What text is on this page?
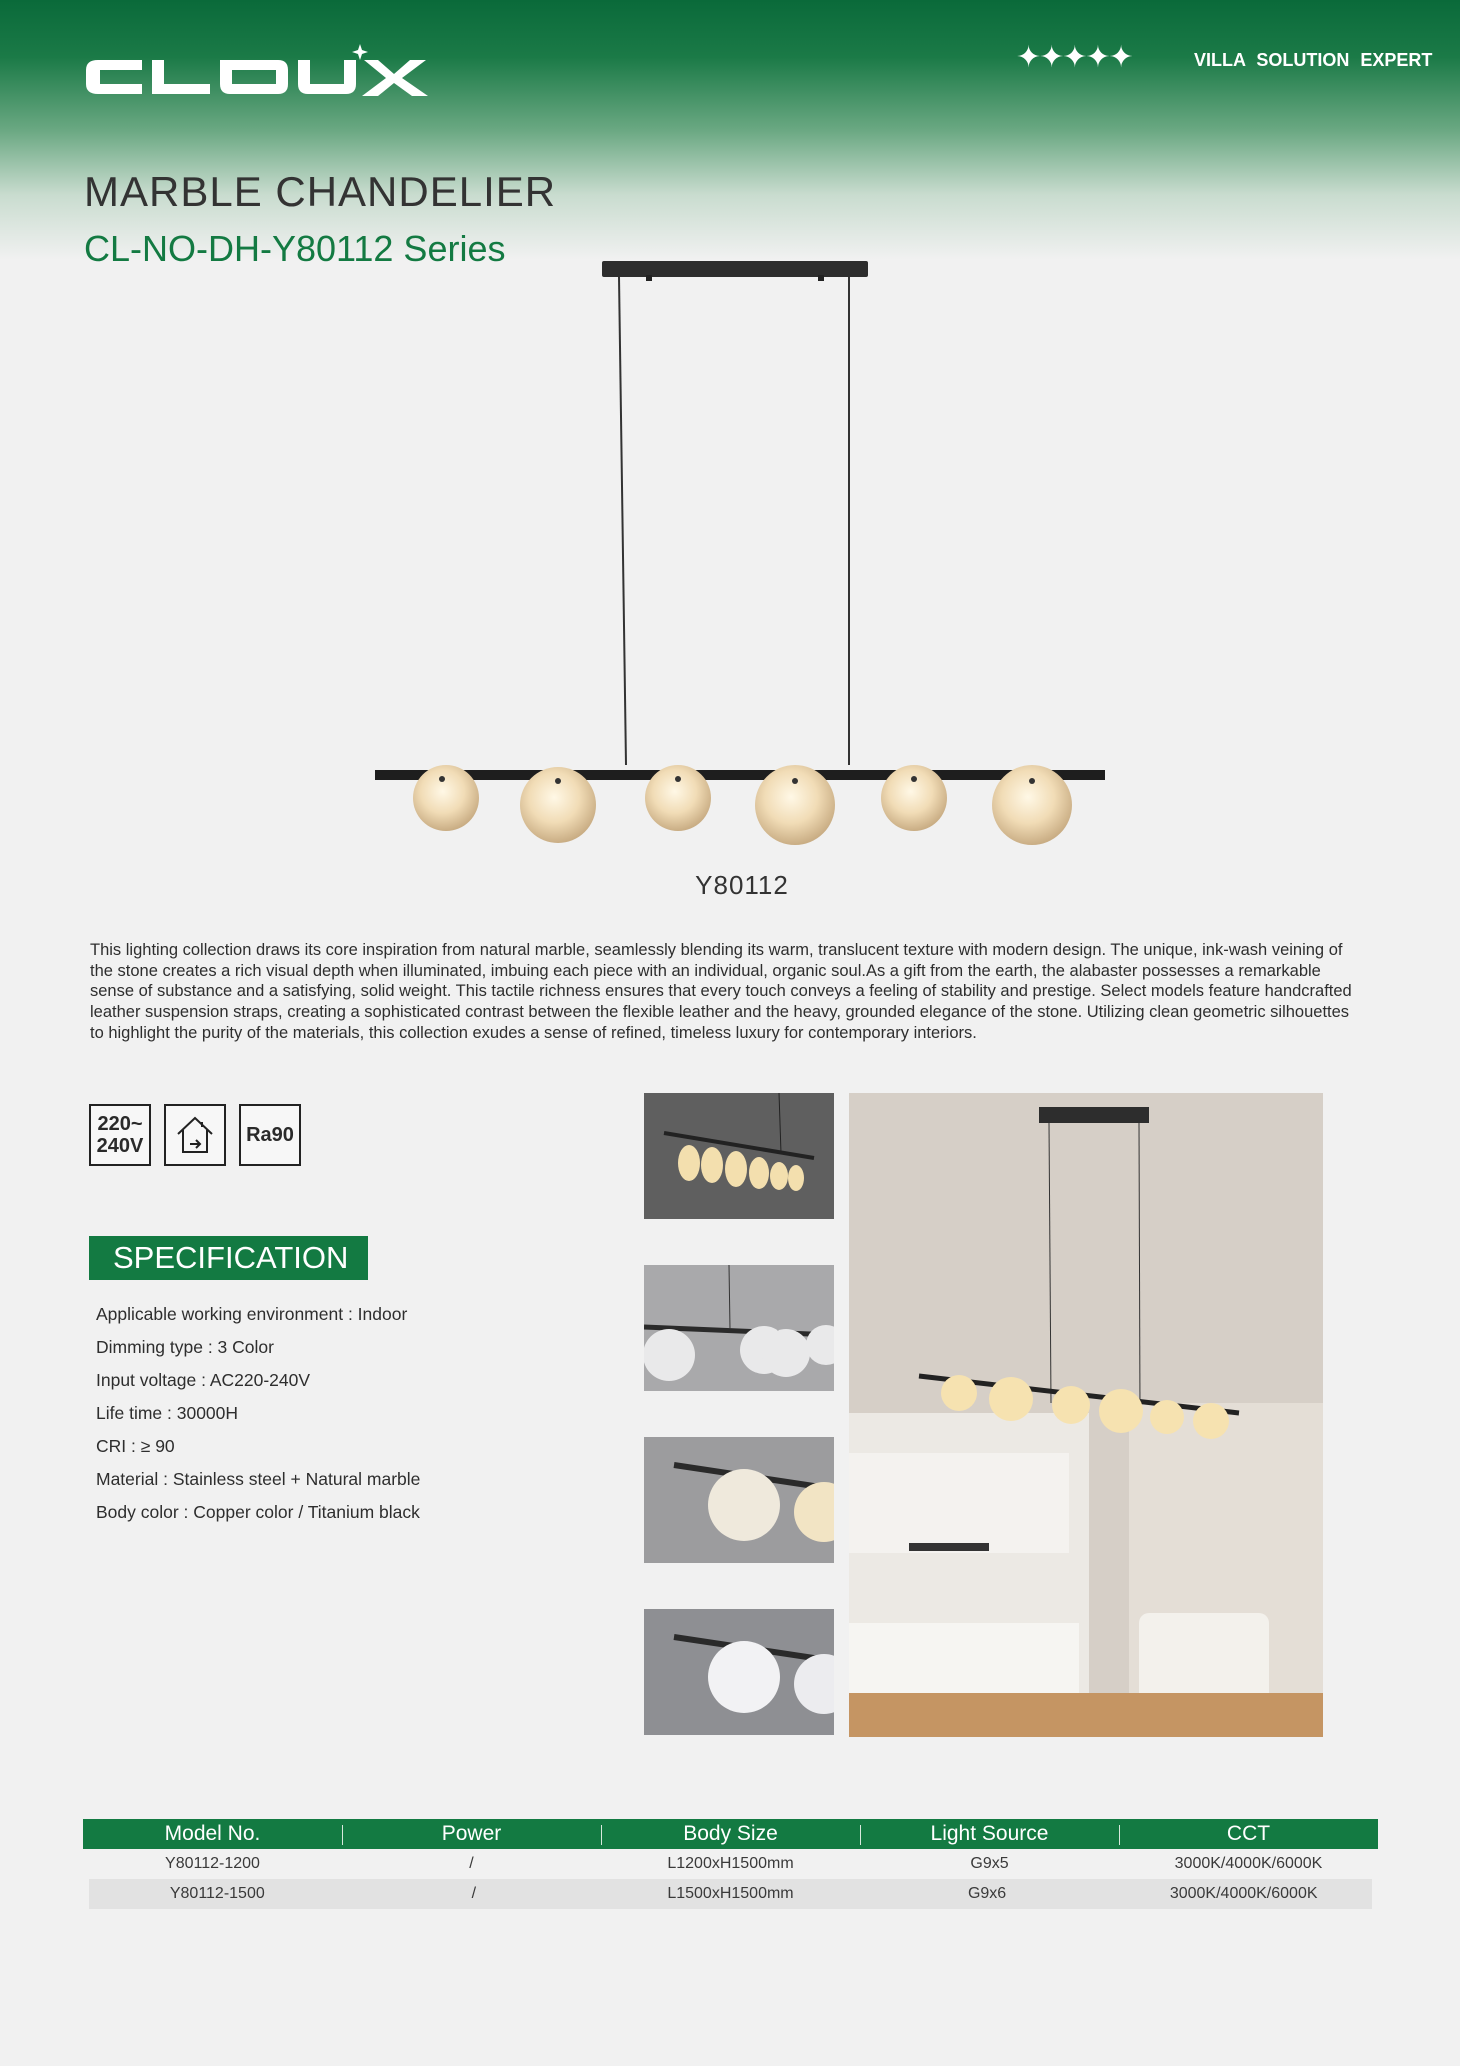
✦✦✦✦✦	VILLA SOLUTION EXPERT
MARBLE CHANDELIER
CL-NO-DH-Y80112 Series
Y80112

This lighting collection draws its core inspiration from natural marble, seamlessly blending its warm, translucent texture with modern design. The unique, ink-wash veining of the stone creates a rich visual depth when illuminated, imbuing each piece with an individual, organic soul.As a gift from the earth, the alabaster possesses a remarkable sense of substance and a satisfying, solid weight. This tactile richness ensures that every touch conveys a feeling of stability and prestige. Select models feature handcrafted leather suspension straps, creating a sophisticated contrast between the flexible leather and the heavy, grounded elegance of the stone. Utilizing clean geometric silhouettes to highlight the purity of the materials, this collection exudes a sense of refined, timeless luxury for contemporary interiors.

220~
240V
Ra90
SPECIFICATION
Applicable working environment : Indoor
Dimming type : 3 Color
Input voltage : AC220-240V
Life time : 30000H
CRI : ≥ 90
Material : Stainless steel + Natural marble
Body color : Copper color / Titanium black
Model No.	Power	Body Size	Light Source	CCT
Y80112-1200	/	L1200xH1500mm	G9x5	3000K/4000K/6000K
Y80112-1500	/	L1500xH1500mm	G9x6	3000K/4000K/6000K
